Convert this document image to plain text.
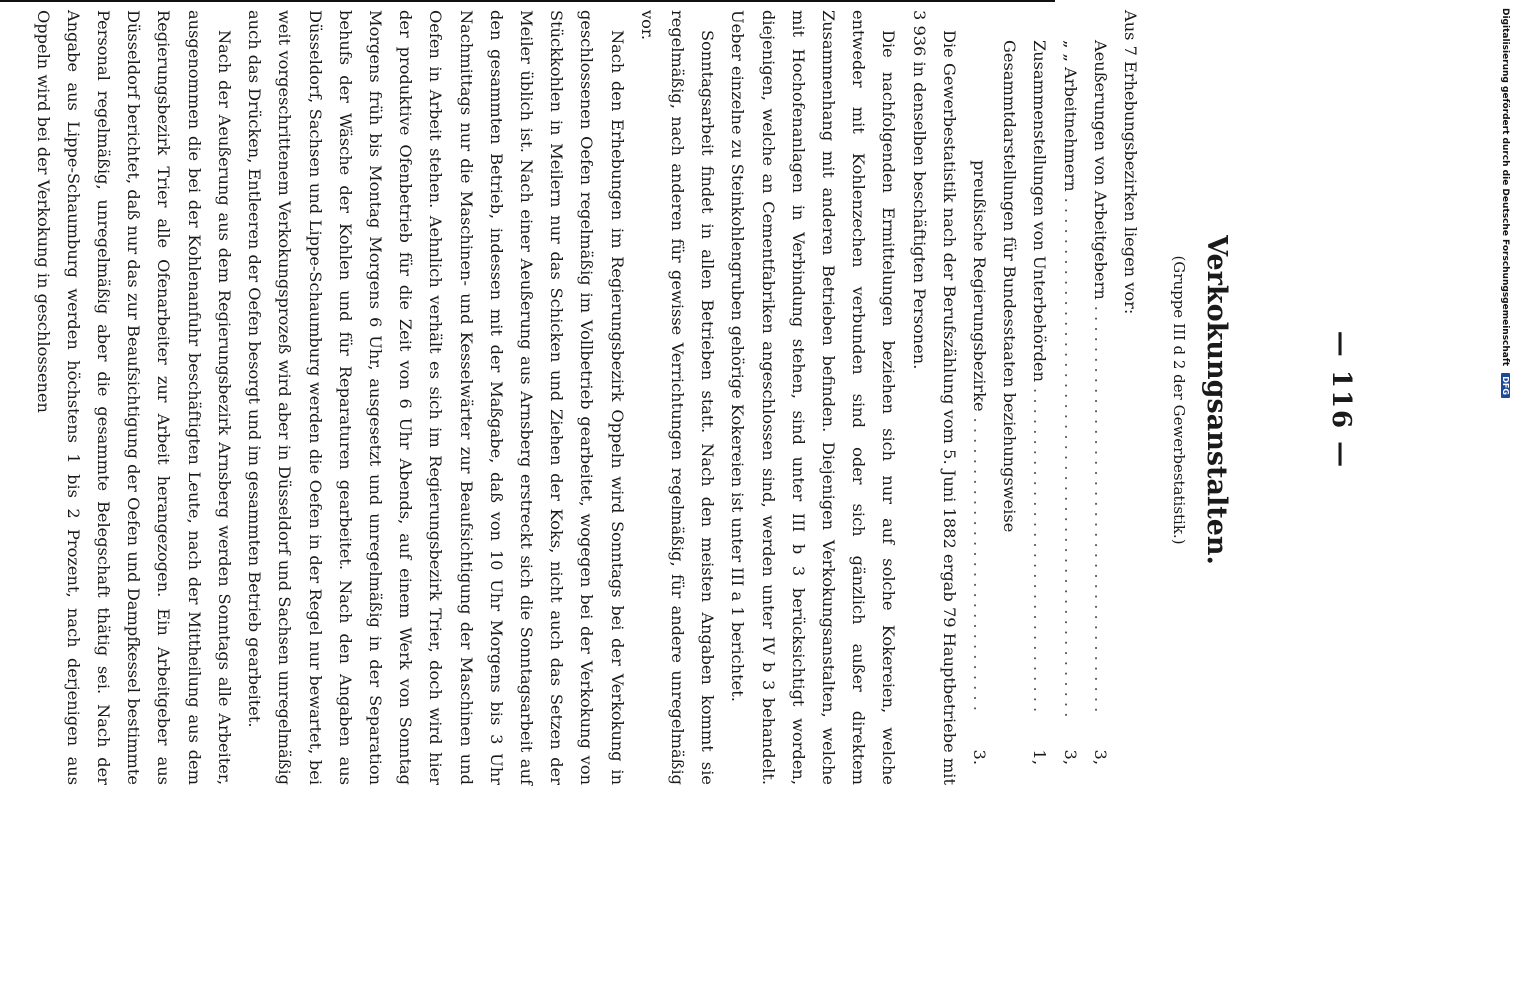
— 116 —
Verkokungsanstalten.
(Gruppe III d 2 der Gewerbestatistik.)

Aus 7 Erhebungsbezirken liegen vor:

Aeußerungen von Arbeitgebern
. . .
3,
„ „ Arbeitnehmern
. . .
3,
Zusammenstellungen von Unterbehörden
. . .
1,
Gesammtdarstellungen für Bundesstaaten beziehungsweise
preußische Regierungsbezirke
. . .
3.

Die Gewerbestatistik nach der Berufszählung vom 5. Juni 1882 ergab 79 Hauptbetriebe mit 3 936 in denselben beschäftigten Personen.

Die nachfolgenden Ermittelungen beziehen sich nur auf solche Kokereien, welche entweder mit Kohlenzechen verbunden sind oder sich gänzlich außer direktem Zusammenhang mit anderen Betrieben befinden. Diejenigen Verkokungsanstalten, welche mit Hochofenanlagen in Verbindung stehen, sind unter III b 3 berücksichtigt worden, diejenigen, welche an Cementfabriken angeschlossen sind, werden unter IV b 3 behandelt. Ueber einzelne zu Steinkohlengruben gehörige Kokereien ist unter III a 1 berichtet.

Sonntagsarbeit findet in allen Betrieben statt. Nach den meisten Angaben kommt sie regelmäßig, nach anderen für gewisse Verrichtungen regelmäßig, für andere unregelmäßig vor.

Nach den Erhebungen im Regierungsbezirk Oppeln wird Sonntags bei der Verkokung in geschlossenen Oefen regelmäßig im Vollbetrieb gearbeitet, wogegen bei der Verkokung von Stückkohlen in Meilern nur das Schicken und Ziehen der Koks, nicht auch das Setzen der Meiler üblich ist. Nach einer Aeußerung aus Arnsberg erstreckt sich die Sonntagsarbeit auf den gesammten Betrieb, indessen mit der Maßgabe, daß von 10 Uhr Morgens bis 3 Uhr Nachmittags nur die Maschinen- und Kesselwärter zur Beaufsichtigung der Maschinen und Oefen in Arbeit stehen. Aehnlich verhält es sich im Regierungsbezirk Trier, doch wird hier der produktive Ofenbetrieb für die Zeit von 6 Uhr Abends, auf einem Werk von Sonntag Morgens früh bis Montag Morgens 6 Uhr, ausgesetzt und unregelmäßig in der Separation behufs der Wäsche der Kohlen und für Reparaturen gearbeitet. Nach den Angaben aus Düsseldorf, Sachsen und Lippe-Schaumburg werden die Oefen in der Regel nur bewartet, bei weit vorgeschrittenem Verkokungsprozeß wird aber in Düsseldorf und Sachsen unregelmäßig auch das Drücken, Entleeren der Oefen besorgt und im gesammten Betrieb gearbeitet.

Nach der Aeußerung aus dem Regierungsbezirk Arnsberg werden Sonntags alle Arbeiter, ausgenommen die bei der Kohlenanfuhr beschäftigten Leute, nach der Mittheilung aus dem Regierungsbezirk Trier alle Ofenarbeiter zur Arbeit herangezogen. Ein Arbeitgeber aus Düsseldorf berichtet, daß nur das zur Beaufsichtigung der Oefen und Dampfkessel bestimmte Personal regelmäßig, unregelmäßig aber die gesammte Belegschaft thätig sei. Nach der Angabe aus Lippe-Schaumburg werden höchstens 1 bis 2 Prozent, nach derjenigen aus Oppeln wird bei der Verkokung in geschlossenen	Digitalisierung gefördert durch die Deutsche Forschungsgemeinschaft DFG
